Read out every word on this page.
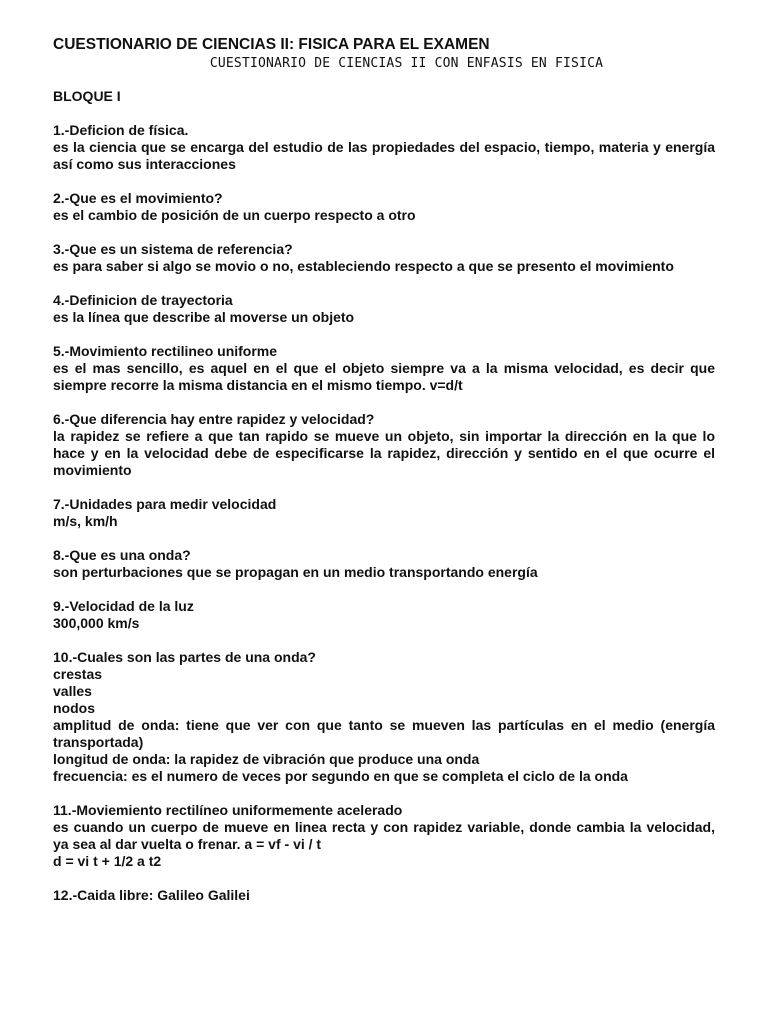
CUESTIONARIO DE CIENCIAS II: FISICA PARA EL EXAMEN

CUESTIONARIO DE CIENCIAS II CON ENFASIS EN FISICA

BLOQUE I

1.-Deficion de física.

es la ciencia que se encarga del estudio de las propiedades del espacio, tiempo, materia y energía así como sus interacciones

2.-Que es el movimiento?

es el cambio de posición de un cuerpo respecto a otro

3.-Que es un sistema de referencia?

es para saber si algo se movio o no, estableciendo respecto a que se presento el movimiento

4.-Definicion de trayectoria

es la línea que describe al moverse un objeto

5.-Movimiento rectilineo uniforme

es el mas sencillo, es aquel en el que el objeto siempre va a la misma velocidad, es decir que siempre recorre la misma distancia en el mismo tiempo. v=d/t

6.-Que diferencia hay entre rapidez y velocidad?

la rapidez se refiere a que tan rapido se mueve un objeto, sin importar la dirección en la que lo hace y en la velocidad debe de especificarse la rapidez, dirección y sentido en el que ocurre el movimiento

7.-Unidades para medir velocidad

m/s, km/h

8.-Que es una onda?

son perturbaciones que se propagan en un medio transportando energía

9.-Velocidad de la luz

300,000 km/s

10.-Cuales son las partes de una onda?

crestas

valles

nodos

amplitud de onda: tiene que ver con que tanto se mueven las partículas en el medio (energía transportada)

longitud de onda: la rapidez de vibración que produce una onda

frecuencia: es el numero de veces por segundo en que se completa el ciclo de la onda

11.-Moviemiento rectilíneo uniformemente acelerado

es cuando un cuerpo de mueve en linea recta y con rapidez variable, donde cambia la velocidad, ya sea al dar vuelta o frenar. a = vf - vi / t

d = vi t + 1/2 a t2

12.-Caida libre: Galileo Galilei
